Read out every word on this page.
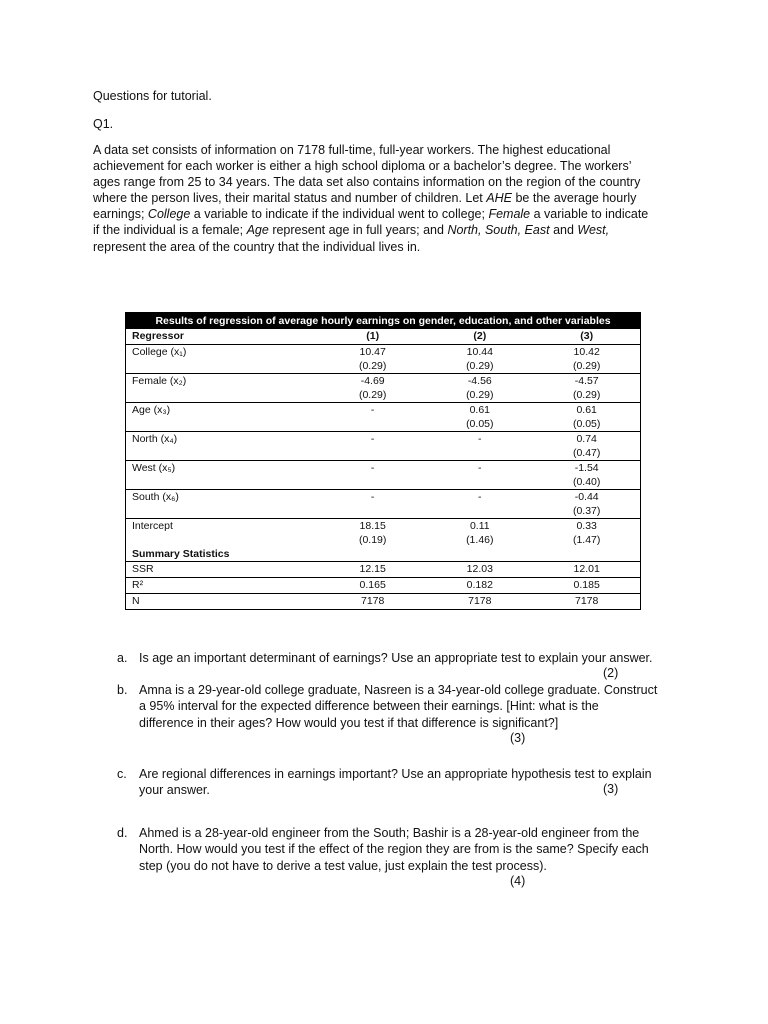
Questions for tutorial.
Q1.
A data set consists of information on 7178 full-time, full-year workers. The highest educational
achievement for each worker is either a high school diploma or a bachelor’s degree. The workers’
ages range from 25 to 34 years. The data set also contains information on the region of the country
where the person lives, their marital status and number of children. Let AHE be the average hourly
earnings; College a variable to indicate if the individual went to college; Female a variable to indicate
if the individual is a female; Age represent age in full years; and North, South, East and West,
represent the area of the country that the individual lives in.
Results of regression of average hourly earnings on gender, education, and other variables			
Regressor	(1)	(2)	(3)
College (x₁)	10.47	10.44	10.42
	(0.29)	(0.29)	(0.29)
Female (x₂)	-4.69	-4.56	-4.57
	(0.29)	(0.29)	(0.29)
Age (x₃)	-	0.61	0.61
		(0.05)	(0.05)
North (x₄)	-	-	0.74
			(0.47)
West (x₅)	-	-	-1.54
			(0.40)
South (x₆)	-	-	-0.44
			(0.37)
Intercept	18.15	0.11	0.33
	(0.19)	(1.46)	(1.47)
Summary Statistics			
SSR	12.15	12.03	12.01
R²	0.165	0.182	0.185
N	7178	7178	7178
a. Is age an important determinant of earnings? Use an appropriate test to explain your answer.
(2)
b. Amna is a 29-year-old college graduate, Nasreen is a 34-year-old college graduate. Construct
a 95% interval for the expected difference between their earnings. [Hint: what is the
difference in their ages? How would you test if that difference is significant?]
(3)
c. Are regional differences in earnings important? Use an appropriate hypothesis test to explain
your answer.	(3)
d. Ahmed is a 28-year-old engineer from the South; Bashir is a 28-year-old engineer from the
North. How would you test if the effect of the region they are from is the same? Specify each
step (you do not have to derive a test value, just explain the test process).
(4)
